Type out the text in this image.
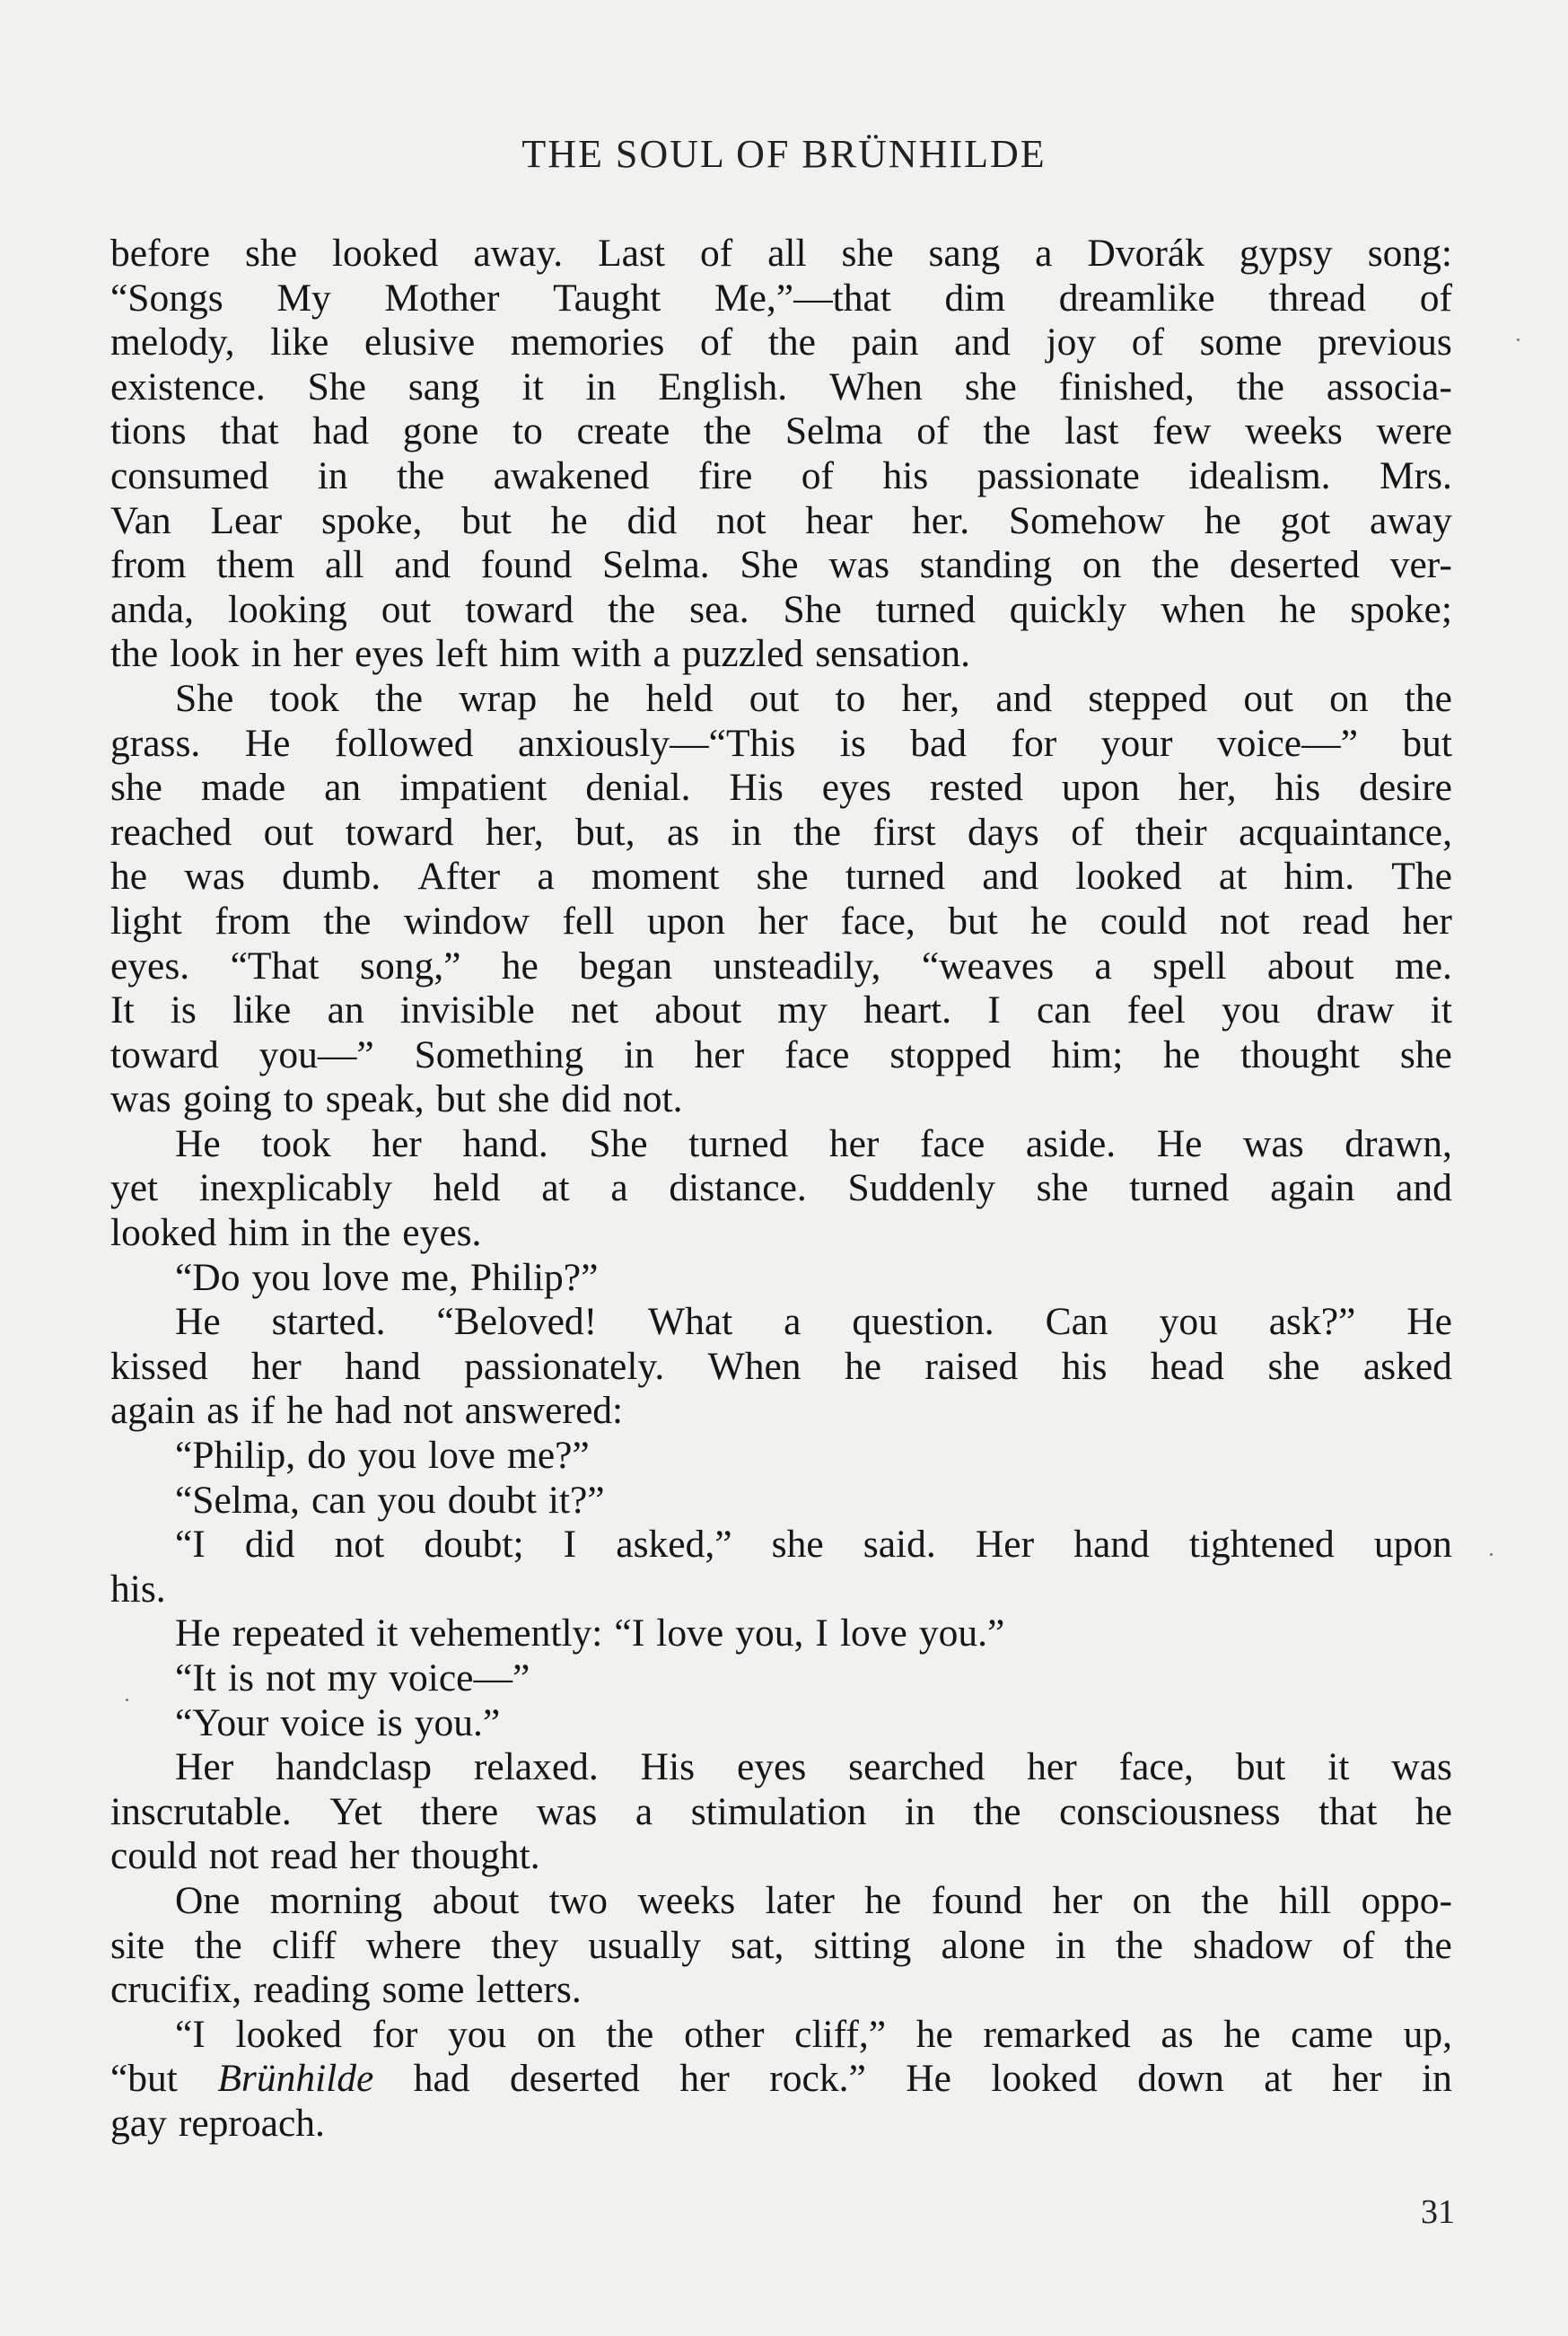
THE SOUL OF BRÜNHILDE
before she looked away. Last of all she sang a Dvorák gypsy song:
“Songs My Mother Taught Me,”—that dim dreamlike thread of
melody, like elusive memories of the pain and joy of some previous
existence. She sang it in English. When she finished, the associa-
tions that had gone to create the Selma of the last few weeks were
consumed in the awakened fire of his passionate idealism. Mrs.
Van Lear spoke, but he did not hear her. Somehow he got away
from them all and found Selma. She was standing on the deserted ver-
anda, looking out toward the sea. She turned quickly when he spoke;
the look in her eyes left him with a puzzled sensation.
She took the wrap he held out to her, and stepped out on the
grass. He followed anxiously—“This is bad for your voice—” but
she made an impatient denial. His eyes rested upon her, his desire
reached out toward her, but, as in the first days of their acquaintance,
he was dumb. After a moment she turned and looked at him. The
light from the window fell upon her face, but he could not read her
eyes. “That song,” he began unsteadily, “weaves a spell about me.
It is like an invisible net about my heart. I can feel you draw it
toward you—” Something in her face stopped him; he thought she
was going to speak, but she did not.
He took her hand. She turned her face aside. He was drawn,
yet inexplicably held at a distance. Suddenly she turned again and
looked him in the eyes.
“Do you love me, Philip?”
He started. “Beloved! What a question. Can you ask?” He
kissed her hand passionately. When he raised his head she asked
again as if he had not answered:
“Philip, do you love me?”
“Selma, can you doubt it?”
“I did not doubt; I asked,” she said. Her hand tightened upon
his.
He repeated it vehemently: “I love you, I love you.”
“It is not my voice—”
“Your voice is you.”
Her handclasp relaxed. His eyes searched her face, but it was
inscrutable. Yet there was a stimulation in the consciousness that he
could not read her thought.
One morning about two weeks later he found her on the hill oppo-
site the cliff where they usually sat, sitting alone in the shadow of the
crucifix, reading some letters.
“I looked for you on the other cliff,” he remarked as he came up,
“but Brünhilde had deserted her rock.” He looked down at her in
gay reproach.
31
